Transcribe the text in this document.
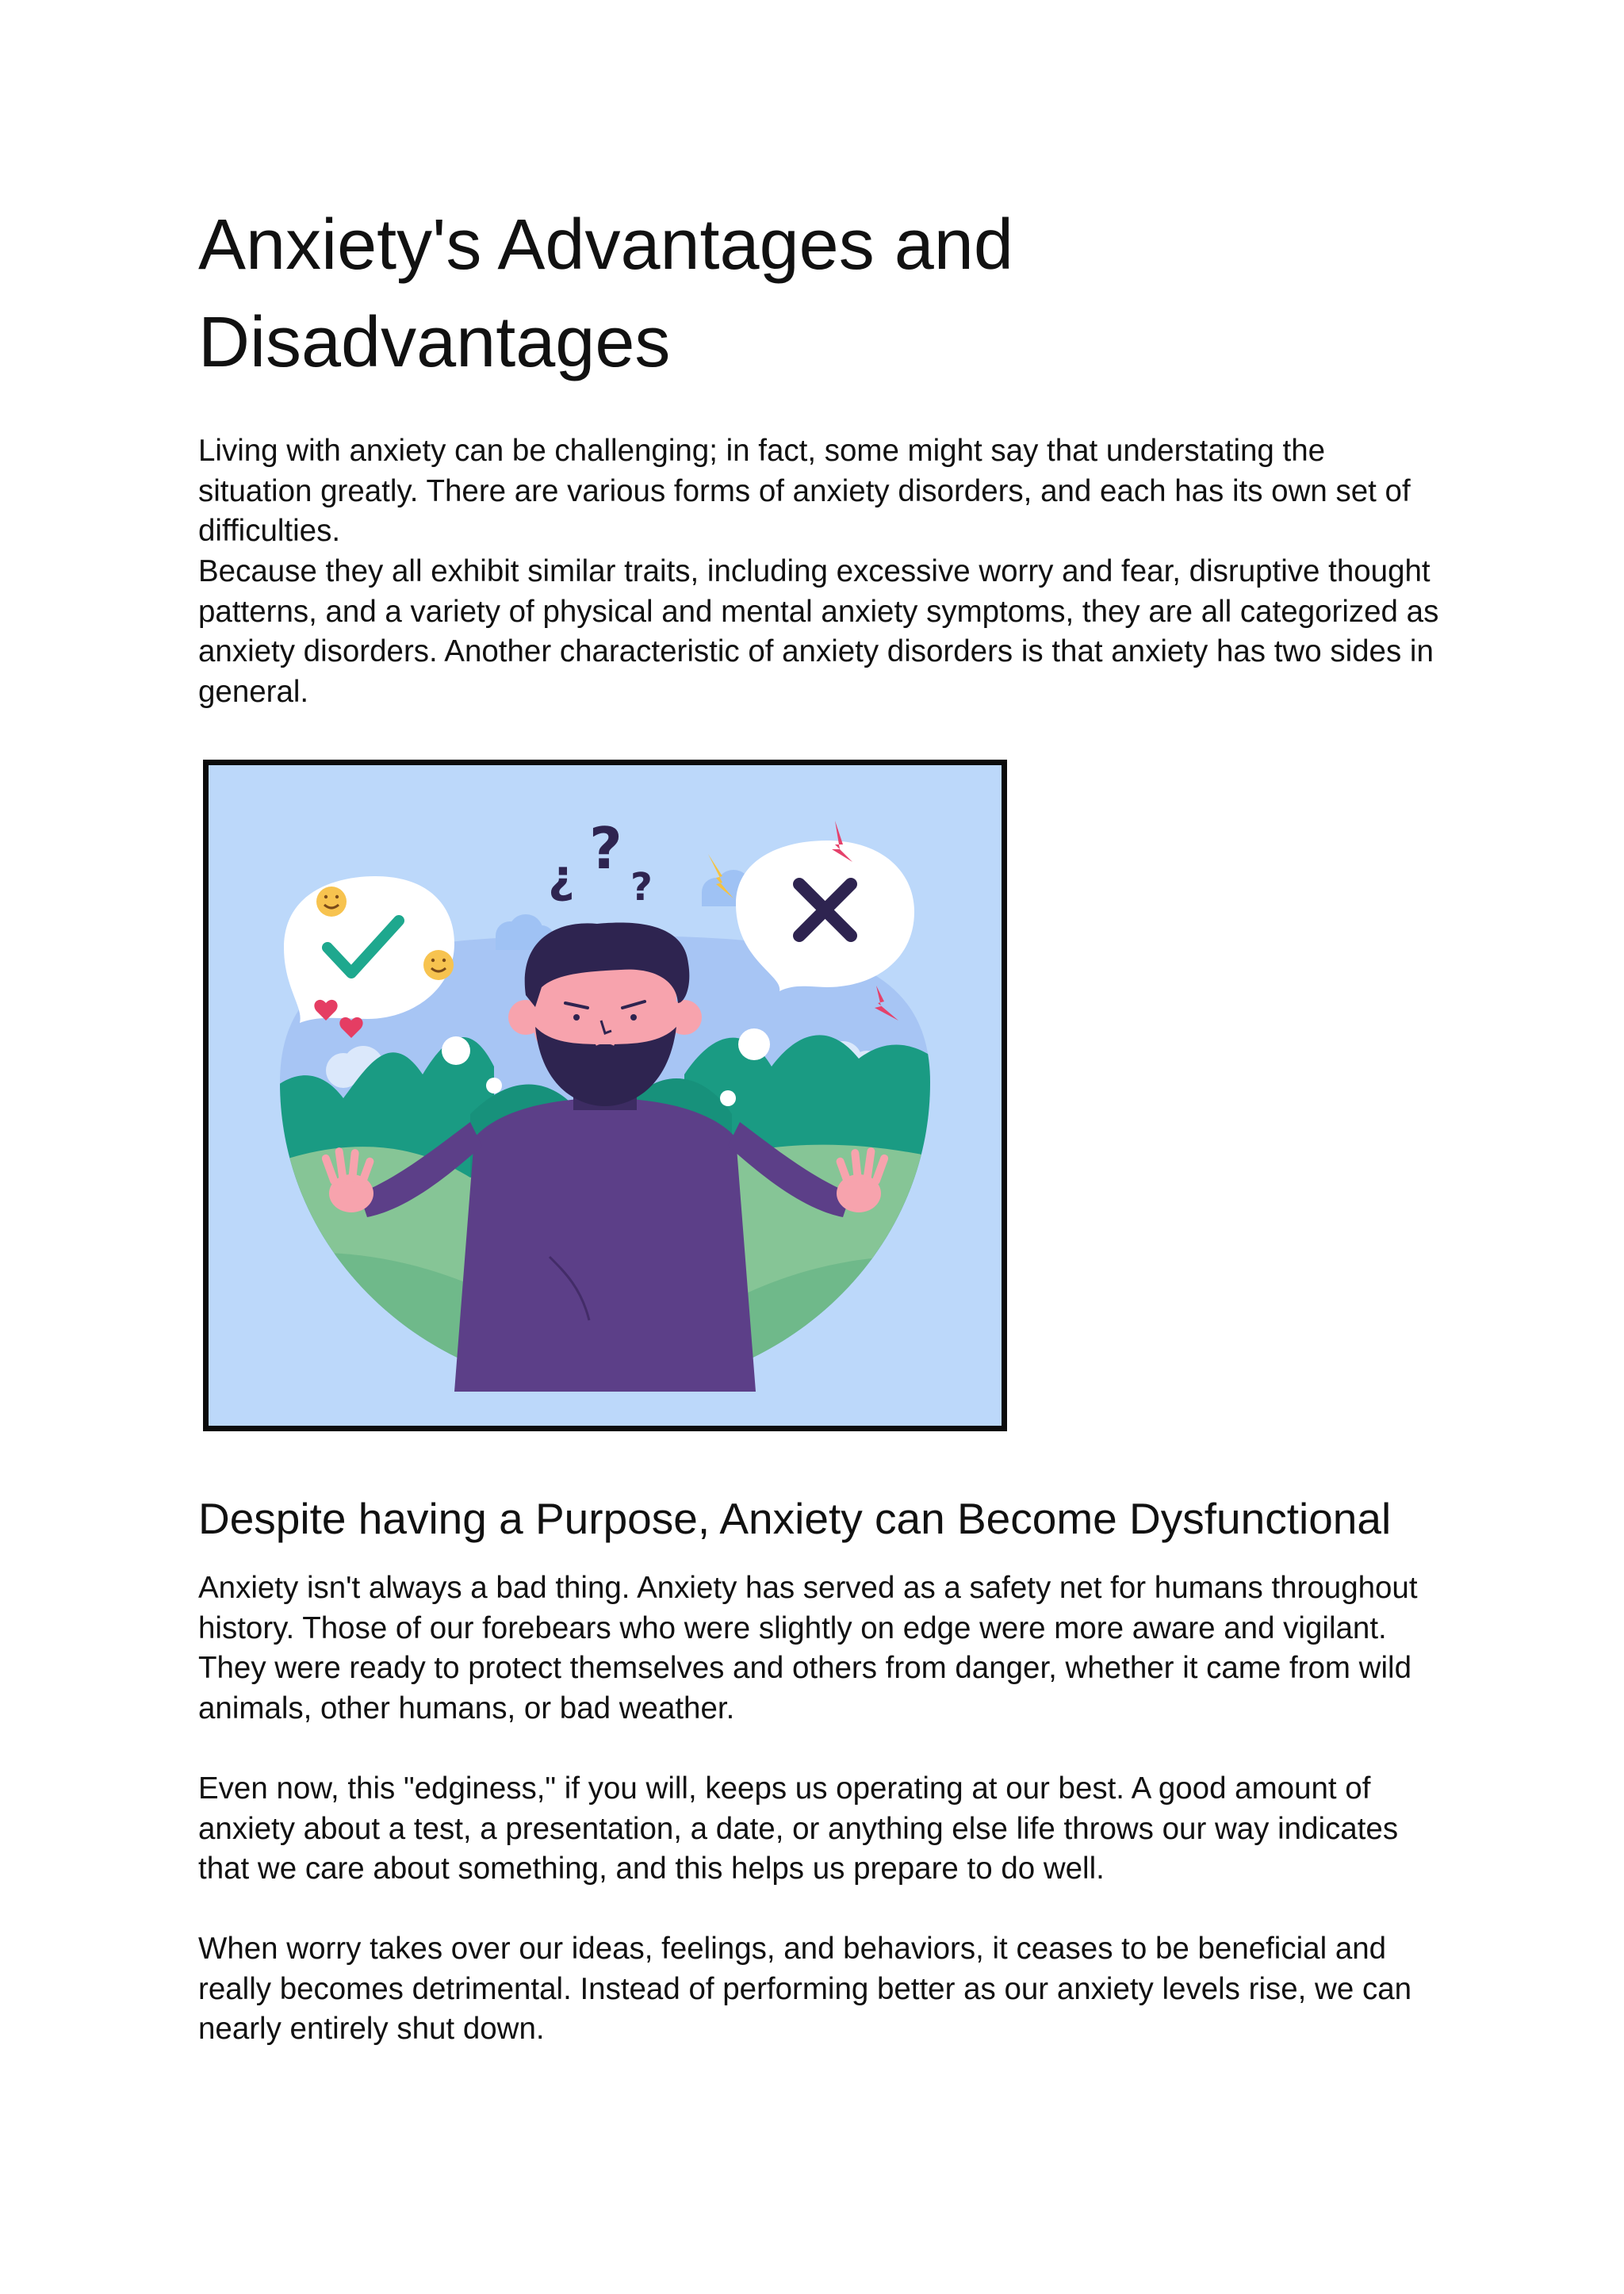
Anxiety's Advantages and Disadvantages

Living with anxiety can be challenging; in fact, some might say that understating the situation greatly. There are various forms of anxiety disorders, and each has its own set of difficulties.

Because they all exhibit similar traits, including excessive worry and fear, disruptive thought patterns, and a variety of physical and mental anxiety symptoms, they are all categorized as anxiety disorders. Another characteristic of anxiety disorders is that anxiety has two sides in general.

Despite having a Purpose, Anxiety can Become Dysfunctional

Anxiety isn't always a bad thing. Anxiety has served as a safety net for humans throughout history. Those of our forebears who were slightly on edge were more aware and vigilant. They were ready to protect themselves and others from danger, whether it came from wild animals, other humans, or bad weather.

Even now, this "edginess," if you will, keeps us operating at our best. A good amount of anxiety about a test, a presentation, a date, or anything else life throws our way indicates that we care about something, and this helps us prepare to do well.

When worry takes over our ideas, feelings, and behaviors, it ceases to be beneficial and really becomes detrimental. Instead of performing better as our anxiety levels rise, we can nearly entirely shut down.

¿ ?
?
